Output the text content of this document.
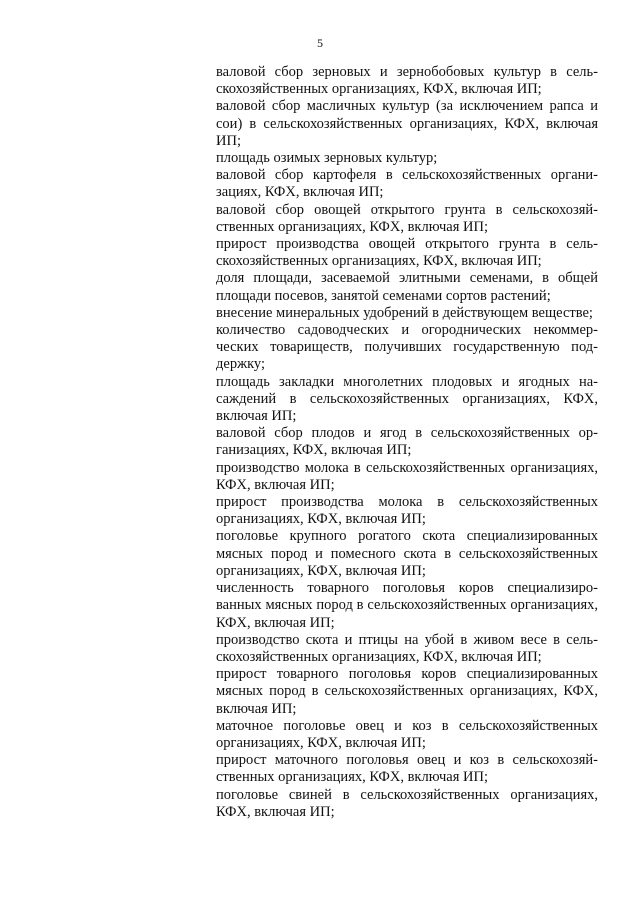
5

валовой сбор зерновых и зернобобовых культур в сельскохозяйственных организациях, КФХ, включая ИП;

валовой сбор масличных культур (за исключением рапса и сои) в сельскохозяйственных организациях, КФХ, включая ИП;

площадь озимых зерновых культур;

валовой сбор картофеля в сельскохозяйственных организациях, КФХ, включая ИП;

валовой сбор овощей открытого грунта в сельскохозяйственных организациях, КФХ, включая ИП;

прирост производства овощей открытого грунта в сельскохозяйственных организациях, КФХ, включая ИП;

доля площади, засеваемой элитными семенами, в общей площади посевов, занятой семенами сортов растений;

внесение минеральных удобрений в действующем веществе;

количество садоводческих и огороднических некоммерческих товариществ, получивших государственную поддержку;

площадь закладки многолетних плодовых и ягодных насаждений в сельскохозяйственных организациях, КФХ, включая ИП;

валовой сбор плодов и ягод в сельскохозяйственных организациях, КФХ, включая ИП;

производство молока в сельскохозяйственных организациях, КФХ, включая ИП;

прирост производства молока в сельскохозяйственных организациях, КФХ, включая ИП;

поголовье крупного рогатого скота специализированных мясных пород и помесного скота в сельскохозяйственных организациях, КФХ, включая ИП;

численность товарного поголовья коров специализированных мясных пород в сельскохозяйственных организациях, КФХ, включая ИП;

производство скота и птицы на убой в живом весе в сельскохозяйственных организациях, КФХ, включая ИП;

прирост товарного поголовья коров специализированных мясных пород в сельскохозяйственных организациях, КФХ, включая ИП;

маточное поголовье овец и коз в сельскохозяйственных организациях, КФХ, включая ИП;

прирост маточного поголовья овец и коз в сельскохозяйственных организациях, КФХ, включая ИП;

поголовье свиней в сельскохозяйственных организациях, КФХ, включая ИП;
